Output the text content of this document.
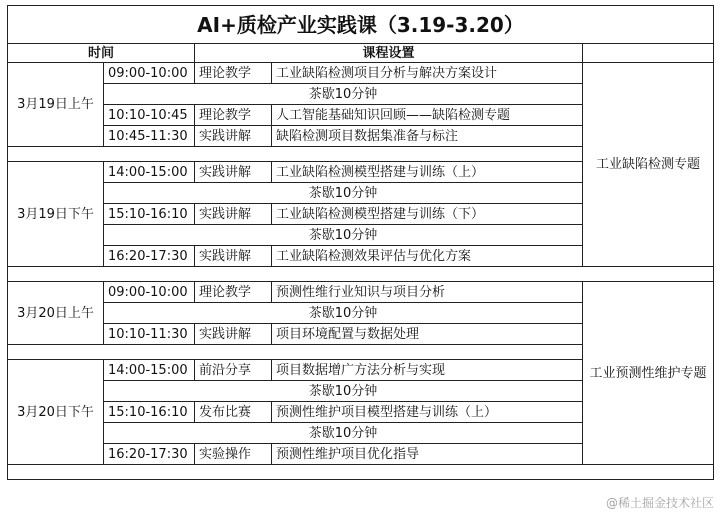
AI+质检产业实践课（3.19-3.20）				
时间		课程设置		
3月19日上午	09:00-10:00	理论教学	工业缺陷检测项目分析与解决方案设计	工业缺陷检测专题
	茶歇10分钟			
	10:10-10:45	理论教学	人工智能基础知识回顾——缺陷检测专题	
	10:45-11:30	实践讲解	缺陷检测项目数据集准备与标注	

3月19日下午	14:00-15:00	实践讲解	工业缺陷检测模型搭建与训练（上）	
	茶歇10分钟			
	15:10-16:10	实践讲解	工业缺陷检测模型搭建与训练（下）	
	茶歇10分钟			
	16:20-17:30	实践讲解	工业缺陷检测效果评估与优化方案	

3月20日上午	09:00-10:00	理论教学	预测性维行业知识与项目分析	工业预测性维护专题
	茶歇10分钟			
	10:10-11:30	实践讲解	项目环境配置与数据处理	

3月20日下午	14:00-15:00	前沿分享	项目数据增广方法分析与实现	
	茶歇10分钟			
	15:10-16:10	发布比赛	预测性维护项目模型搭建与训练（上）	
	茶歇10分钟			
	16:20-17:30	实验操作	预测性维护项目优化指导	

@稀土掘金技术社区
